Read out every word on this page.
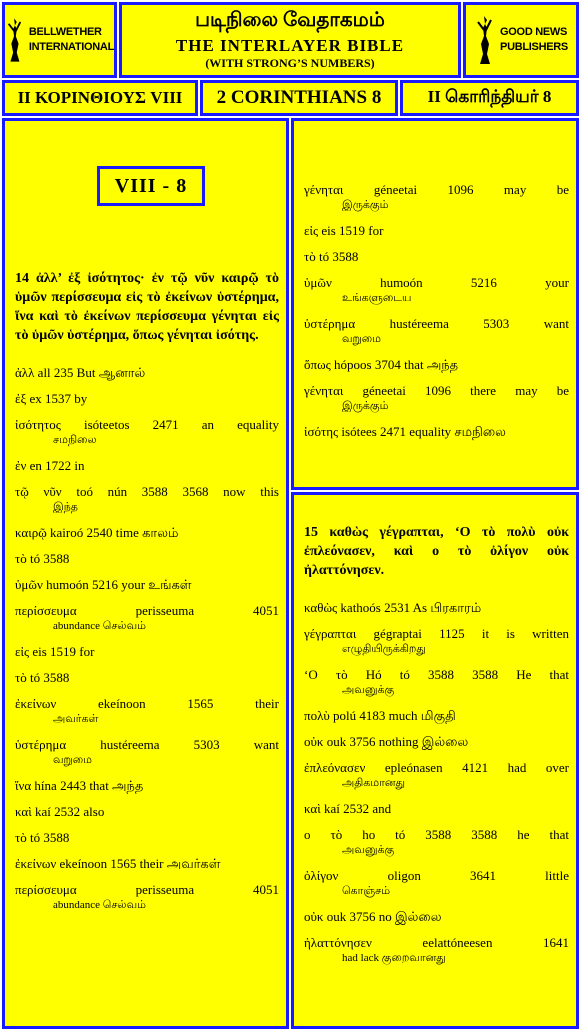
BELLWETHER
INTERNATIONAL
படிநிலை வேதாகமம்
THE INTERLAYER BIBLE
(WITH STRONG’S NUMBERS)
GOOD NEWS
PUBLISHERS
II ΚΟΡΙΝΘΙΟΥΣ VIII	2 CORINTHIANS 8	II கொரிந்தியர் 8
VIII - 8
14 ἀλλ’ ἐξ ἰσότητος· ἐν τῷ νῦν καιρῷ τὸ ὑμῶν περίσσευμα εἰς τὸ ἐκείνων ὑστέρημα, ἵνα καὶ τὸ ἐκείνων περίσσευμα γένηται εἰς τὸ ὑμῶν ὑστέρημα, ὅπως γένηται ἰσότης.
ἀλλ all 235 But ஆனால்
ἐξ ex 1537 by
ἰσότητος isóteetos 2471 an equality
சமநிலை
ἐν en 1722 in
τῷ νῦν toó nún 3588 3568 now this
இந்த
καιρῷ kairoó 2540 time காலம்
τὸ tó 3588
ὑμῶν humoón 5216 your உங்கள்
περίσσευμα perisseuma 4051
abundance செல்வம்
εἰς eis 1519 for
τὸ tó 3588
ἐκείνων ekeínoon 1565 their
அவர்கள்
ὑστέρημα hustéreema 5303 want
வறுமை
ἵνα hína 2443 that அந்த
καὶ kaí 2532 also
τὸ tó 3588
ἐκείνων ekeínoon 1565 their அவர்கள்
περίσσευμα perisseuma 4051
abundance செல்வம்
γένηται géneetai 1096 may be
இருக்கும்
εἰς eis 1519 for
τὸ tó 3588
ὑμῶν humoón 5216 your
உங்களுடைய
ὑστέρημα hustéreema 5303 want
வறுமை
ὅπως hópoos 3704 that அந்த
γένηται géneetai 1096 there may be
இருக்கும்
ἰσότης isótees 2471 equality சமநிலை
15 καθὼς γέγραπται, ‘Ο τὸ πολὺ οὐκ ἐπλεόνασεν, καὶ ο τὸ ὀλίγον οὐκ ἠλαττόνησεν.
καθὼς kathoós 2531 As பிரகாரம்
γέγραπται gégraptai 1125 it is written
எழுதியிருக்கிறது
‘Ο τὸ Hó tó 3588 3588 He that
அவனுக்கு
πολὺ polú 4183 much மிகுதி
οὐκ ouk 3756 nothing இல்லை
ἐπλεόνασεν epleónasen 4121 had over
அதிகமானது
καὶ kaí 2532 and
ο τὸ ho tó 3588 3588 he that
அவனுக்கு
ὀλίγον oligon 3641 little
கொஞ்சம்
οὐκ ouk 3756 no இல்லை
ἠλαττόνησεν eelattóneesen 1641
had lack குறைவானது
